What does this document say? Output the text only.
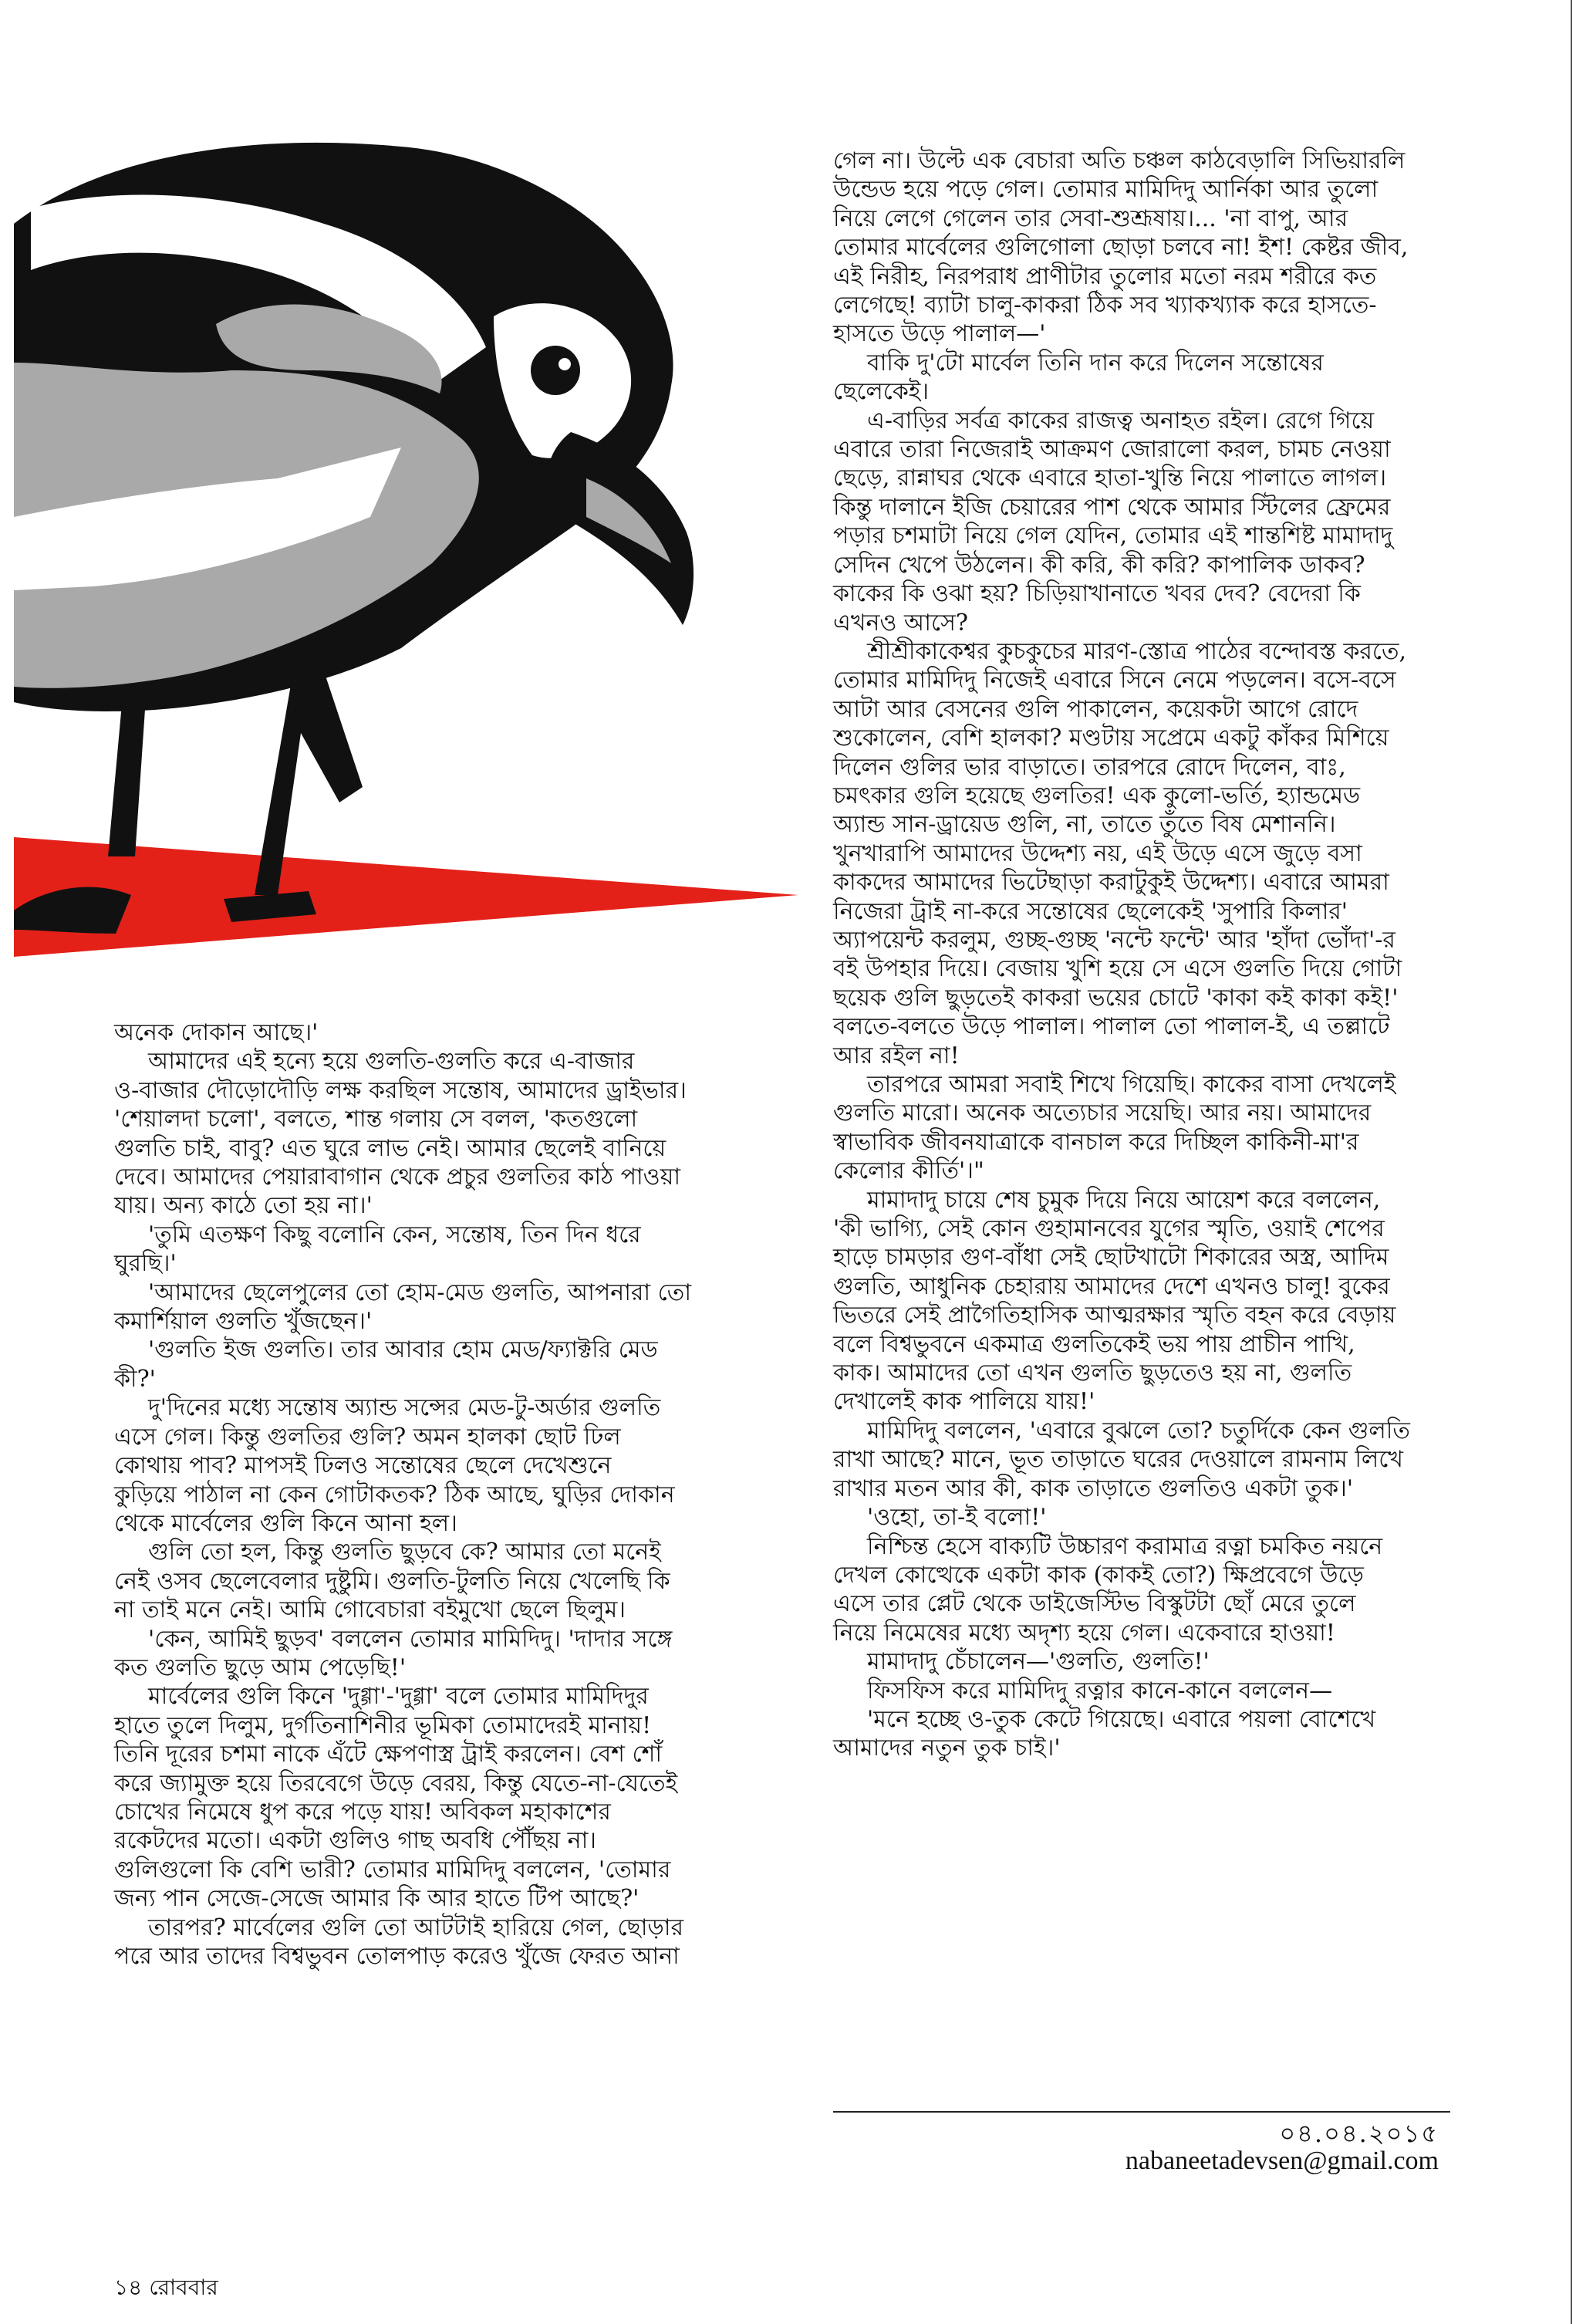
অনেক দোকান আছে।'

আমাদের এই হন্যে হয়ে গুলতি-গুলতি করে এ-বাজার

ও-বাজার দৌড়োদৌড়ি লক্ষ করছিল সন্তোষ, আমাদের ড্রাইভার।

'শেয়ালদা চলো', বলতে, শান্ত গলায় সে বলল, 'কতগুলো

গুলতি চাই, বাবু? এত ঘুরে লাভ নেই। আমার ছেলেই বানিয়ে

দেবে। আমাদের পেয়ারাবাগান থেকে প্রচুর গুলতির কাঠ পাওয়া

যায়। অন্য কাঠে তো হয় না।'

'তুমি এতক্ষণ কিছু বলোনি কেন, সন্তোষ, তিন দিন ধরে

ঘুরছি।'

'আমাদের ছেলেপুলের তো হোম-মেড গুলতি, আপনারা তো

কমার্শিয়াল গুলতি খুঁজছেন।'

'গুলতি ইজ গুলতি। তার আবার হোম মেড/ফ্যাক্টরি মেড

কী?'

দু'দিনের মধ্যে সন্তোষ অ্যান্ড সন্সের মেড-টু-অর্ডার গুলতি

এসে গেল। কিন্তু গুলতির গুলি? অমন হালকা ছোট ঢিল

কোথায় পাব? মাপসই ঢিলও সন্তোষের ছেলে দেখেশুনে

কুড়িয়ে পাঠাল না কেন গোটাকতক? ঠিক আছে, ঘুড়ির দোকান

থেকে মার্বেলের গুলি কিনে আনা হল।

গুলি তো হল, কিন্তু গুলতি ছুড়বে কে? আমার তো মনেই

নেই ওসব ছেলেবেলার দুষ্টুমি। গুলতি-টুলতি নিয়ে খেলেছি কি

না তাই মনে নেই। আমি গোবেচারা বইমুখো ছেলে ছিলুম।

'কেন, আমিই ছুড়ব' বললেন তোমার মামিদিদু। 'দাদার সঙ্গে

কত গুলতি ছুড়ে আম পেড়েছি!'

মার্বেলের গুলি কিনে 'দুগ্গা'-'দুগ্গা' বলে তোমার মামিদিদুর

হাতে তুলে দিলুম, দুর্গতিনাশিনীর ভূমিকা তোমাদেরই মানায়!

তিনি দূরের চশমা নাকে এঁটে ক্ষেপণাস্ত্র ট্রাই করলেন। বেশ শোঁ

করে জ্যামুক্ত হয়ে তিরবেগে উড়ে বেরয়, কিন্তু যেতে-না-যেতেই

চোখের নিমেষে ধুপ করে পড়ে যায়! অবিকল মহাকাশের

রকেটদের মতো। একটা গুলিও গাছ অবধি পৌঁছয় না।

গুলিগুলো কি বেশি ভারী? তোমার মামিদিদু বললেন, 'তোমার

জন্য পান সেজে-সেজে আমার কি আর হাতে টিপ আছে?'

তারপর? মার্বেলের গুলি তো আটটাই হারিয়ে গেল, ছোড়ার

পরে আর তাদের বিশ্বভুবন তোলপাড় করেও খুঁজে ফেরত আনা

গেল না। উল্টে এক বেচারা অতি চঞ্চল কাঠবেড়ালি সিভিয়ারলি

উন্ডেড হয়ে পড়ে গেল। তোমার মামিদিদু আর্নিকা আর তুলো

নিয়ে লেগে গেলেন তার সেবা-শুশ্রূষায়।... 'না বাপু, আর

তোমার মার্বেলের গুলিগোলা ছোড়া চলবে না! ইশ! কেষ্টর জীব,

এই নিরীহ, নিরপরাধ প্রাণীটার তুলোর মতো নরম শরীরে কত

লেগেছে! ব্যাটা চালু-কাকরা ঠিক সব খ্যাকখ্যাক করে হাসতে-

হাসতে উড়ে পালাল—'

বাকি দু'টো মার্বেল তিনি দান করে দিলেন সন্তোষের

ছেলেকেই।

এ-বাড়ির সর্বত্র কাকের রাজত্ব অনাহত রইল। রেগে গিয়ে

এবারে তারা নিজেরাই আক্রমণ জোরালো করল, চামচ নেওয়া

ছেড়ে, রান্নাঘর থেকে এবারে হাতা-খুন্তি নিয়ে পালাতে লাগল।

কিন্তু দালানে ইজি চেয়ারের পাশ থেকে আমার স্টিলের ফ্রেমের

পড়ার চশমাটা নিয়ে গেল যেদিন, তোমার এই শান্তশিষ্ট মামাদাদু

সেদিন খেপে উঠলেন। কী করি, কী করি? কাপালিক ডাকব?

কাকের কি ওঝা হয়? চিড়িয়াখানাতে খবর দেব? বেদেরা কি

এখনও আসে?

শ্রীশ্রীকাকেশ্বর কুচকুচের মারণ-স্তোত্র পাঠের বন্দোবস্ত করতে,

তোমার মামিদিদু নিজেই এবারে সিনে নেমে পড়লেন। বসে-বসে

আটা আর বেসনের গুলি পাকালেন, কয়েকটা আগে রোদে

শুকোলেন, বেশি হালকা? মণ্ডটায় সপ্রেমে একটু কাঁকর মিশিয়ে

দিলেন গুলির ভার বাড়াতে। তারপরে রোদে দিলেন, বাঃ,

চমৎকার গুলি হয়েছে গুলতির! এক কুলো-ভর্তি, হ্যান্ডমেড

অ্যান্ড সান-ড্রায়েড গুলি, না, তাতে তুঁতে বিষ মেশাননি।

খুনখারাপি আমাদের উদ্দেশ্য নয়, এই উড়ে এসে জুড়ে বসা

কাকদের আমাদের ভিটেছাড়া করাটুকুই উদ্দেশ্য। এবারে আমরা

নিজেরা ট্রাই না-করে সন্তোষের ছেলেকেই 'সুপারি কিলার'

অ্যাপয়েন্ট করলুম, গুচ্ছ-গুচ্ছ 'নন্টে ফন্টে' আর 'হাঁদা ভোঁদা'-র

বই উপহার দিয়ে। বেজায় খুশি হয়ে সে এসে গুলতি দিয়ে গোটা

ছয়েক গুলি ছুড়তেই কাকরা ভয়ের চোটে 'কাকা কই কাকা কই!'

বলতে-বলতে উড়ে পালাল। পালাল তো পালাল-ই, এ তল্লাটে

আর রইল না!

তারপরে আমরা সবাই শিখে গিয়েছি। কাকের বাসা দেখলেই

গুলতি মারো। অনেক অত্যেচার সয়েছি। আর নয়। আমাদের

স্বাভাবিক জীবনযাত্রাকে বানচাল করে দিচ্ছিল কাকিনী-মা'র

কেলোর কীর্তি'।"

মামাদাদু চায়ে শেষ চুমুক দিয়ে নিয়ে আয়েশ করে বললেন,

'কী ভাগ্যি, সেই কোন গুহামানবের যুগের স্মৃতি, ওয়াই শেপের

হাড়ে চামড়ার গুণ-বাঁধা সেই ছোটখাটো শিকারের অস্ত্র, আদিম

গুলতি, আধুনিক চেহারায় আমাদের দেশে এখনও চালু! বুকের

ভিতরে সেই প্রাগৈতিহাসিক আত্মরক্ষার স্মৃতি বহন করে বেড়ায়

বলে বিশ্বভুবনে একমাত্র গুলতিকেই ভয় পায় প্রাচীন পাখি,

কাক। আমাদের তো এখন গুলতি ছুড়তেও হয় না, গুলতি

দেখালেই কাক পালিয়ে যায়!'

মামিদিদু বললেন, 'এবারে বুঝলে তো? চতুর্দিকে কেন গুলতি

রাখা আছে? মানে, ভূত তাড়াতে ঘরের দেওয়ালে রামনাম লিখে

রাখার মতন আর কী, কাক তাড়াতে গুলতিও একটা তুক।'

'ওহো, তা-ই বলো!'

নিশ্চিন্ত হেসে বাক্যটি উচ্চারণ করামাত্র রত্না চমকিত নয়নে

দেখল কোত্থেকে একটা কাক (কাকই তো?) ক্ষিপ্রবেগে উড়ে

এসে তার প্লেট থেকে ডাইজেস্টিভ বিস্কুটটা ছোঁ মেরে তুলে

নিয়ে নিমেষের মধ্যে অদৃশ্য হয়ে গেল। একেবারে হাওয়া!

মামাদাদু চেঁচালেন—'গুলতি, গুলতি!'

ফিসফিস করে মামিদিদু রত্নার কানে-কানে বললেন—

'মনে হচ্ছে ও-তুক কেটে গিয়েছে। এবারে পয়লা বোশেখে

আমাদের নতুন তুক চাই।'

০৪.০৪.২০১৫
nabaneetadevsen@gmail.com
১৪ রোববার
